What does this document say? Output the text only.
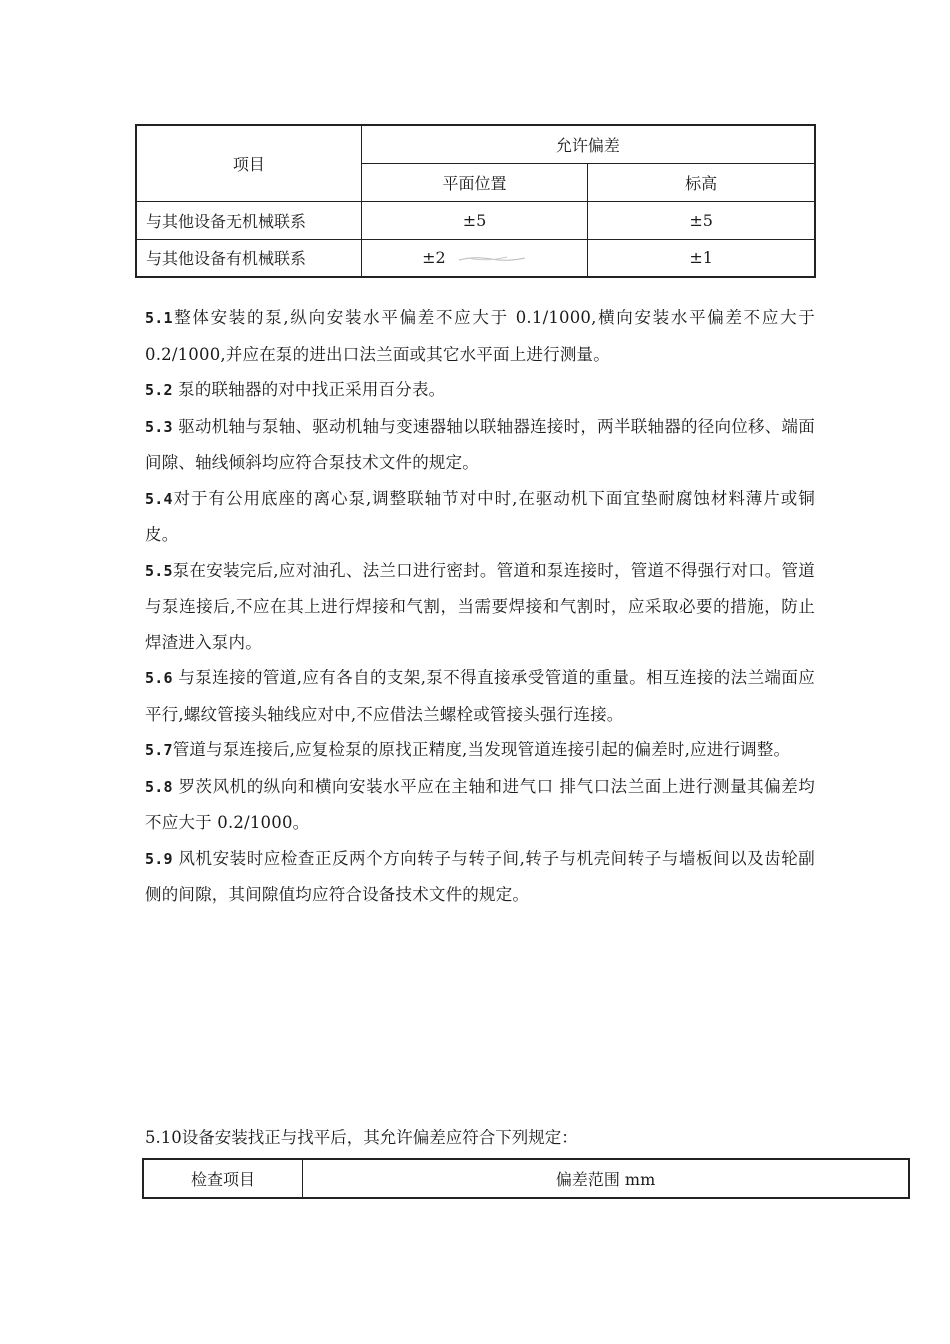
项目	允许偏差	
	平面位置	标高
与其他设备无机械联系	±5	±5
与其他设备有机械联系	±2	±1

5.1整体安装的泵,纵向安装水平偏差不应大于 0.1/1000,横向安装水平偏差不应大于 0.2/1000,并应在泵的进出口法兰面或其它水平面上进行测量。

5.2 泵的联轴器的对中找正采用百分表。

5.3 驱动机轴与泵轴、驱动机轴与变速器轴以联轴器连接时，两半联轴器的径向位移、端面间隙、轴线倾斜均应符合泵技术文件的规定。

5.4对于有公用底座的离心泵,调整联轴节对中时,在驱动机下面宜垫耐腐蚀材料薄片或铜皮。

5.5泵在安装完后,应对油孔、法兰口进行密封。管道和泵连接时，管道不得强行对口。管道与泵连接后,不应在其上进行焊接和气割，当需要焊接和气割时，应采取必要的措施，防止焊渣进入泵内。

5.6 与泵连接的管道,应有各自的支架,泵不得直接承受管道的重量。相互连接的法兰端面应平行,螺纹管接头轴线应对中,不应借法兰螺栓或管接头强行连接。

5.7管道与泵连接后,应复检泵的原找正精度,当发现管道连接引起的偏差时,应进行调整。

5.8 罗茨风机的纵向和横向安装水平应在主轴和进气口 排气口法兰面上进行测量其偏差均不应大于 0.2/1000。

5.9 风机安装时应检查正反两个方向转子与转子间,转子与机壳间转子与墙板间以及齿轮副侧的间隙，其间隙值均应符合设备技术文件的规定。

5.10设备安装找正与找平后，其允许偏差应符合下列规定：
检查项目	偏差范围 mm
